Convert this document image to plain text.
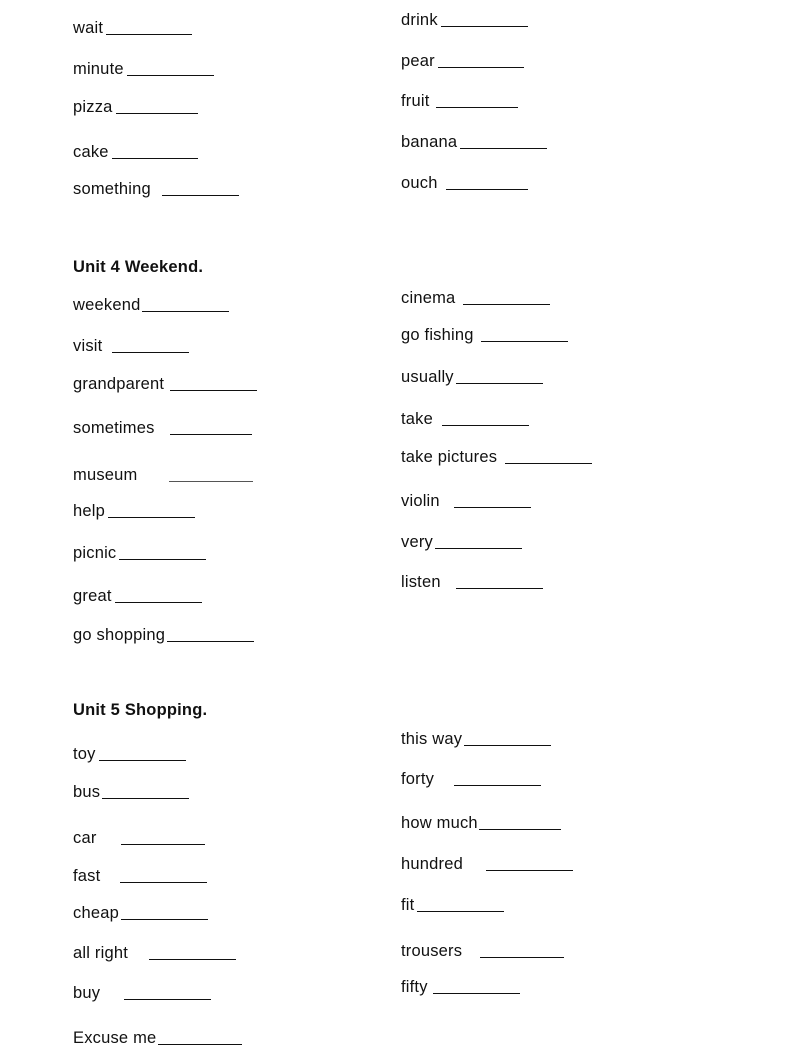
wait
minute
pizza
cake
something
drink
pear
fruit
banana
ouch
Unit 4 Weekend.
weekend
visit
grandparent
sometimes
museum
help
picnic
great
go shopping
cinema
go fishing
usually
take
take pictures
violin
very
listen
Unit 5 Shopping.
toy
bus
car
fast
cheap
all right
buy
Excuse me
this way
forty
how much
hundred
fit
trousers
fifty
